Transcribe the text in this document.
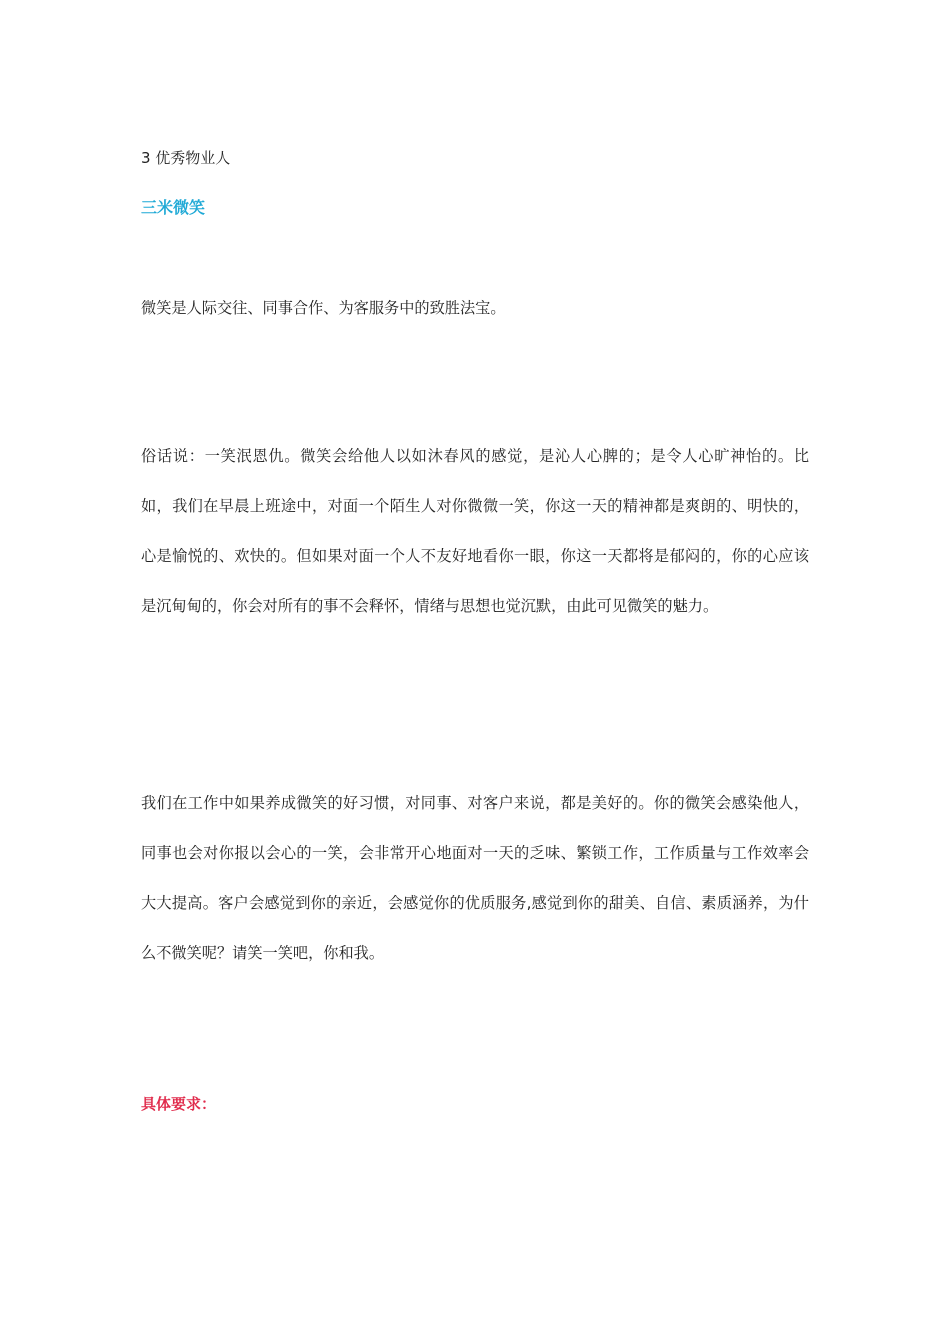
3 优秀物业人
三米微笑

微笑是人际交往、同事合作、为客服务中的致胜法宝。

俗话说：一笑泯恩仇。微笑会给他人以如沐春风的感觉，是沁人心脾的；是令人心旷神怡的。比如，我们在早晨上班途中，对面一个陌生人对你微微一笑，你这一天的精神都是爽朗的、明快的，心是愉悦的、欢快的。但如果对面一个人不友好地看你一眼，你这一天都将是郁闷的，你的心应该是沉甸甸的，你会对所有的事不会释怀，情绪与思想也觉沉默，由此可见微笑的魅力。

我们在工作中如果养成微笑的好习惯，对同事、对客户来说，都是美好的。你的微笑会感染他人，同事也会对你报以会心的一笑，会非常开心地面对一天的乏味、繁锁工作，工作质量与工作效率会大大提高。客户会感觉到你的亲近，会感觉你的优质服务,感觉到你的甜美、自信、素质涵养，为什么不微笑呢？请笑一笑吧，你和我。

具体要求：
